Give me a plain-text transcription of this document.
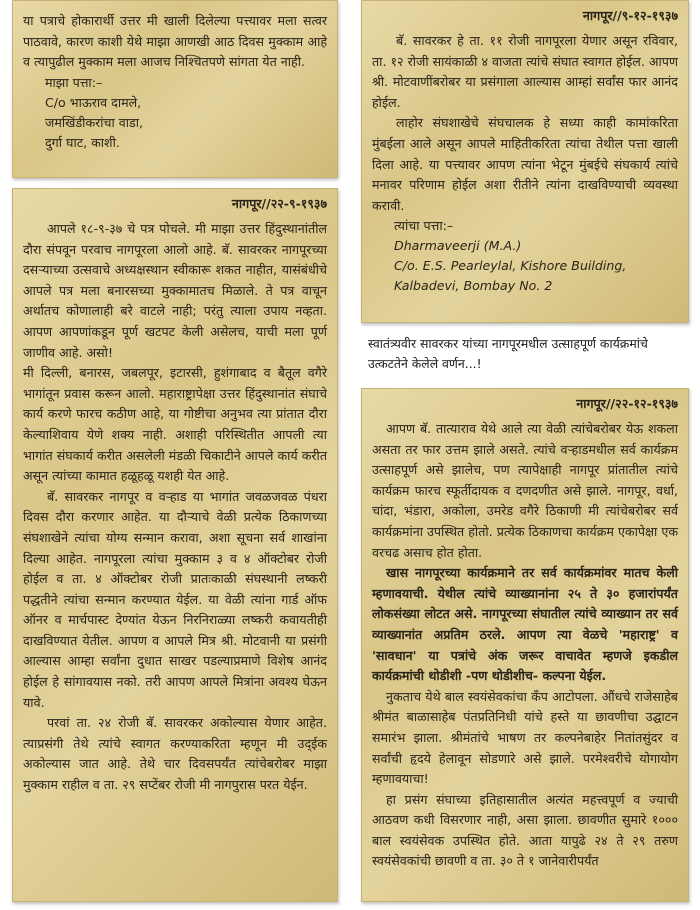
या पत्राचे होकारार्थी उत्तर मी खाली दिलेल्या पत्त्यावर मला सत्वर पाठवावे, कारण काशी येथे माझा आणखी आठ दिवस मुक्काम आहे व त्यापुढील मुक्काम मला आजच निश्चितपणे सांगता येत नाही.

माझा पत्ता:–
C/o भाऊराव दामले,
जमखिंडीकरांचा वाडा,
दुर्गा घाट, काशी.
नागपूर//९-१२-१९३७

बॅ. सावरकर हे ता. ११ रोजी नागपूरला येणार असून रविवार, ता. १२ रोजी सायंकाळी ४ वाजता त्यांचे संघात स्वागत होईल. आपण श्री. मोटवाणींबरोबर या प्रसंगाला आल्यास आम्हां सर्वांस फार आनंद होईल.

लाहोर संघशाखेचे संघचालक हे सध्या काही कामांकरिता मुंबईला आले असून आपले माहितीकरिता त्यांचा तेथील पत्ता खाली दिला आहे. या पत्त्यावर आपण त्यांना भेटून मुंबईचे संघकार्य त्यांचे मनावर परिणाम होईल अशा रीतीने त्यांना दाखविण्याची व्यवस्था करावी.

त्यांचा पत्ता:–
Dharmaveerji (M.A.)
C/o. E.S. Pearleylal, Kishore Building,
Kalbadevi, Bombay No. 2
स्वातंत्र्यवीर सावरकर यांच्या नागपूरमधील उत्साहपूर्ण कार्यक्रमांचे
उत्कटतेने केलेले वर्णन...!
नागपूर//२२-९-१९३७

आपले १८-९-३७ चे पत्र पोचले. मी माझा उत्तर हिंदुस्थानांतील दौरा संपवून परवाच नागपूरला आलो आहे. बॅ. सावरकर नागपूरच्या दसऱ्याच्या उत्सवाचे अध्यक्षस्थान स्वीकारू शकत नाहीत, यासंबंधीचे आपले पत्र मला बनारसच्या मुक्कामातच मिळाले. ते पत्र वाचून अर्थातच कोणालाही बरे वाटले नाही; परंतु त्याला उपाय नव्हता. आपण आपणांकडून पूर्ण खटपट केली असेलच, याची मला पूर्ण जाणीव आहे. असो!

मी दिल्ली, बनारस, जबलपूर, इटारसी, हुशंगाबाद व बैतूल वगैरे भागांतून प्रवास करून आलो. महाराष्ट्रापेक्षा उत्तर हिंदुस्थानांत संघाचे कार्य करणे फारच कठीण आहे, या गोष्टीचा अनुभव त्या प्रांतात दौरा केल्याशिवाय येणे शक्य नाही. अशाही परिस्थितीत आपली त्या भागांत संघकार्य करीत असलेली मंडळी चिकाटीने आपले कार्य करीत असून त्यांच्या कामात हळूहळू यशही येत आहे.

बॅ. सावरकर नागपूर व वऱ्हाड या भागांत जवळजवळ पंधरा दिवस दौरा करणार आहेत. या दौऱ्याचे वेळी प्रत्येक ठिकाणच्या संघशाखेने त्यांचा योग्य सन्मान करावा, अशा सूचना सर्व शाखांना दिल्या आहेत. नागपूरला त्यांचा मुक्काम ३ व ४ ऑक्टोबर रोजी होईल व ता. ४ ऑक्टोबर रोजी प्रातःकाळी संघस्थानी लष्करी पद्धतीने त्यांचा सन्मान करण्यात येईल. या वेळी त्यांना गार्ड ऑफ ऑनर व मार्चपास्ट देण्यांत येऊन निरनिराळ्या लष्करी कवायतीही दाखविण्यात येतील. आपण व आपले मित्र श्री. मोटवानी या प्रसंगी आल्यास आम्हा सर्वांना दुधात साखर पडल्याप्रमाणे विशेष आनंद होईल हे सांगावयास नको. तरी आपण आपले मित्रांना अवश्य घेऊन यावे.

परवां ता. २४ रोजी बॅ. सावरकर अकोल्यास येणार आहेत. त्याप्रसंगी तेथे त्यांचे स्वागत करण्याकरिता म्हणून मी उद्‌ईक अकोल्यास जात आहे. तेथे चार दिवसपर्यंत त्यांचेबरोबर माझा मुक्काम राहील व ता. २९ सप्टेंबर रोजी मी नागपुरास परत येईन.

नागपूर//२२-१२-१९३७

आपण बॅ. तात्याराव येथे आले त्या वेळी त्यांचेबरोबर येऊ शकला असता तर फार उत्तम झाले असते. त्यांचे वऱ्हाडमधील सर्व कार्यक्रम उत्साहपूर्ण असे झालेच, पण त्यापेक्षाही नागपूर प्रांतातील त्यांचे कार्यक्रम फारच स्फूर्तीदायक व दणदणीत असे झाले. नागपूर, वर्धा, चांदा, भंडारा, अकोला, उमरेड वगैरे ठिकाणी मी त्यांचेबरोबर सर्व कार्यक्रमांना उपस्थित होतो. प्रत्येक ठिकाणचा कार्यक्रम एकापेक्षा एक वरचढ असाच होत होता.

खास नागपूरच्या कार्यक्रमाने तर सर्व कार्यक्रमांवर मातच केली म्हणावयाची. येथील त्यांचे व्याख्यानांना २५ ते ३० हजारांपर्यंत लोकसंख्या लोटत असे. नागपूरच्या संघातील त्यांचे व्याख्यान तर सर्व व्याख्यानांत अप्रतिम ठरले. आपण त्या वेळचे 'महाराष्ट्र' व 'सावधान' या पत्रांचे अंक जरूर वाचावेत म्हणजे इकडील कार्यक्रमांची थोडीशी -पण थोडीशीच- कल्पना येईल.

नुकताच येथे बाल स्वयंसेवकांचा कँप आटोपला. औंधचे राजेसाहेब श्रीमंत बाळासाहेब पंतप्रतिनिधी यांचे हस्ते या छावणीचा उद्घाटन समारंभ झाला. श्रीमंतांचे भाषण तर कल्पनेबाहेर नितांतसुंदर व सर्वांची हृदये हेलावून सोडणारे असे झाले. परमेश्वरीचे योगायोग म्हणावयाचा!

हा प्रसंग संघाच्या इतिहासातील अत्यंत महत्त्वपूर्ण व ज्याची आठवण कधी विसरणार नाही, असा झाला. छावणीत सुमारे १००० बाल स्वयंसेवक उपस्थित होते. आता यापुढे २४ ते २९ तरुण स्वयंसेवकांची छावणी व ता. ३० ते १ जानेवारीपर्यंत
